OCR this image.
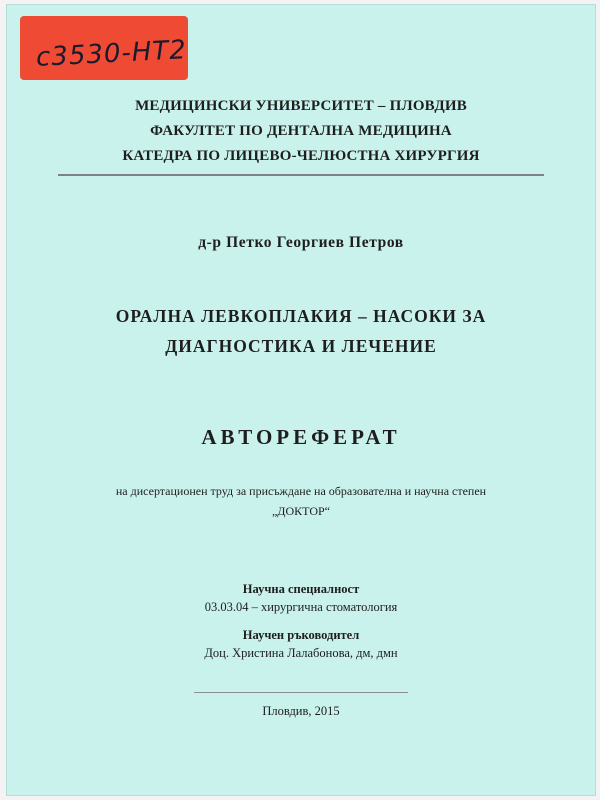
с3530-НТ2
МЕДИЦИНСКИ УНИВЕРСИТЕТ – ПЛОВДИВ
ФАКУЛТЕТ ПО ДЕНТАЛНА МЕДИЦИНА
КАТЕДРА ПО ЛИЦЕВО-ЧЕЛЮСТНА ХИРУРГИЯ
д-р Петко Георгиев Петров
ОРАЛНА ЛЕВКОПЛАКИЯ – НАСОКИ ЗА
ДИАГНОСТИКА И ЛЕЧЕНИЕ
АВТОРЕФЕРАТ
на дисертационен труд за присъждане на образователна и научна степен
„ДОКТОР“
Научна специалност
03.03.04 – хирургична стоматология
Научен ръководител
Доц. Христина Лалабонова, дм, дмн
Пловдив, 2015
